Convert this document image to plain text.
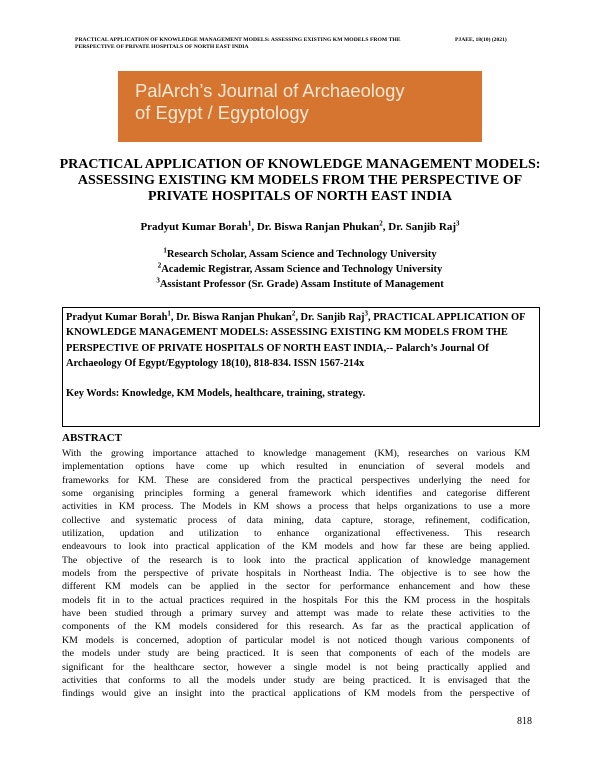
PRACTICAL APPLICATION OF KNOWLEDGE MANAGEMENT MODELS: ASSESSING EXISTING KM MODELS FROM THE PERSPECTIVE OF PRIVATE HOSPITALS OF NORTH EAST INDIA
PJAEE, 18(10) (2021)
PalArch’s Journal of Archaeology
of Egypt / Egyptology
PRACTICAL APPLICATION OF KNOWLEDGE MANAGEMENT MODELS:
ASSESSING EXISTING KM MODELS FROM THE PERSPECTIVE OF
PRIVATE HOSPITALS OF NORTH EAST INDIA
Pradyut Kumar Borah$^1$, Dr. Biswa Ranjan Phukan$^2$, Dr. Sanjib Raj$^3$
$^1$Research Scholar, Assam Science and Technology University
$^2$Academic Registrar, Assam Science and Technology University
$^3$Assistant Professor (Sr. Grade) Assam Institute of Management
Pradyut Kumar Borah$^1$, Dr. Biswa Ranjan Phukan$^2$, Dr. Sanjib Raj$^3$, PRACTICAL APPLICATION OF KNOWLEDGE MANAGEMENT MODELS: ASSESSING EXISTING KM MODELS FROM THE PERSPECTIVE OF PRIVATE HOSPITALS OF NORTH EAST INDIA,-- Palarch’s Journal Of Archaeology Of Egypt/Egyptology 18(10), 818-834. ISSN 1567-214x
Key Words: Knowledge, KM Models, healthcare, training, strategy.
ABSTRACT
With the growing importance attached to knowledge management (KM), researches on various KM
implementation options have come up which resulted in enunciation of several models and
frameworks for KM. These are considered from the practical perspectives underlying the need for
some organising principles forming a general framework which identifies and categorise different
activities in KM process. The Models in KM shows a process that helps organizations to use a more
collective and systematic process of data mining, data capture, storage, refinement, codification,
utilization, updation and utilization to enhance organizational effectiveness. This research
endeavours to look into practical application of the KM models and how far these are being applied.
The objective of the research is to look into the practical application of knowledge management
models from the perspective of private hospitals in Northeast India. The objective is to see how the
different KM models can be applied in the sector for performance enhancement and how these
models fit in to the actual practices required in the hospitals For this the KM process in the hospitals
have been studied through a primary survey and attempt was made to relate these activities to the
components of the KM models considered for this research. As far as the practical application of
KM models is concerned, adoption of particular model is not noticed though various components of
the models under study are being practiced. It is seen that components of each of the models are
significant for the healthcare sector, however a single model is not being practically applied and
activities that conforms to all the models under study are being practiced. It is envisaged that the
findings would give an insight into the practical applications of KM models from the perspective of
818
